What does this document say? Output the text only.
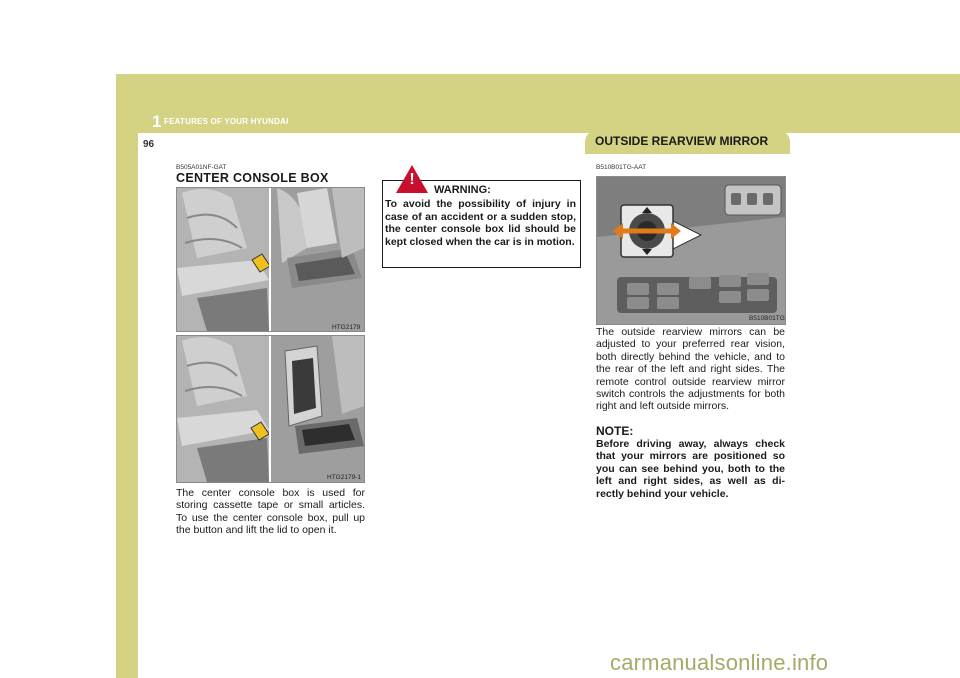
1 FEATURES OF YOUR HYUNDAI
96	OUTSIDE REARVIEW MIRROR
B505A01NF-GAT
CENTER CONSOLE BOX
HTG2179
HTG2179-1

The center console box is used for storing cassette tape or small articles. To use the center console box, pull up the button and lift the lid to open it.

!
WARNING:

To avoid the possibility of injury in case of an accident or a sudden stop, the center console box lid should be kept closed when the car is in motion.

B510B01TG-AAT
B510B01TG

The outside rearview mirrors can be adjusted to your preferred rear vision, both directly behind the vehicle, and to the rear of the left and right sides. The remote control outside rearview mirror switch controls the adjustments for both right and left outside mirrors.

NOTE:

Before driving away, always check that your mirrors are positioned so you can see behind you, both to the left and right sides, as well as di-rectly behind your vehicle.

carmanualsonline.info
